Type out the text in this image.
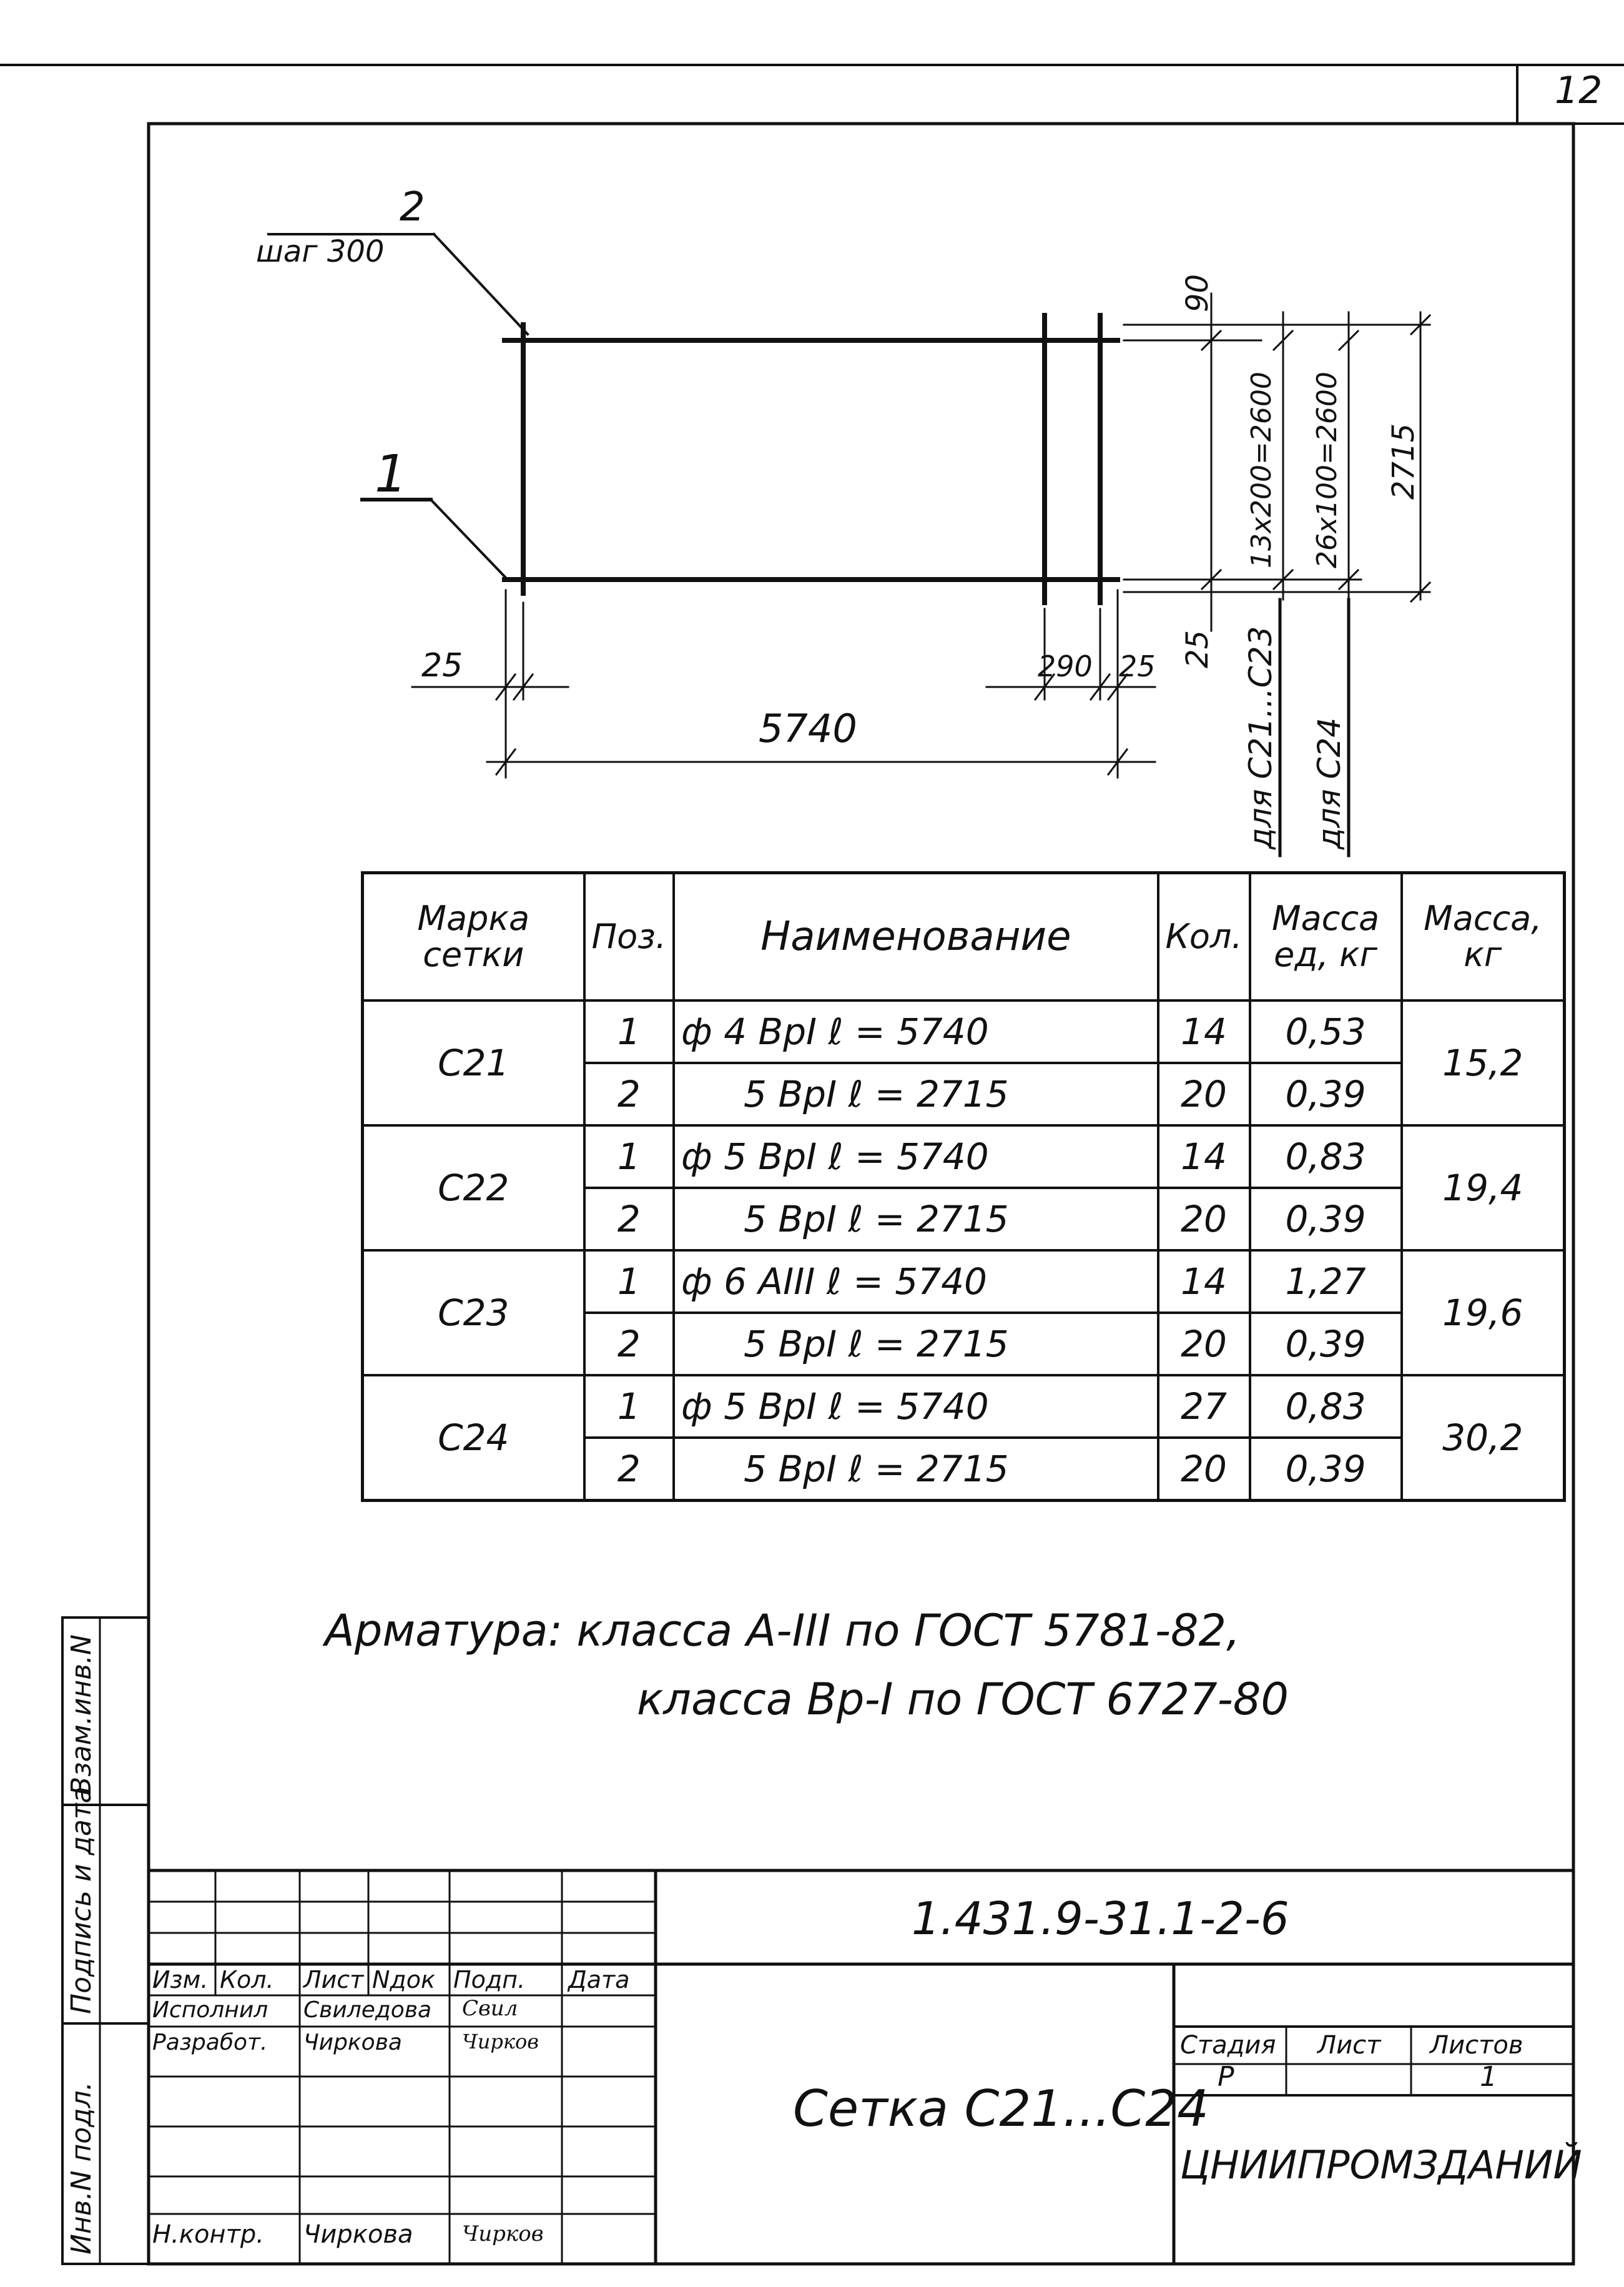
12
2
шаг 300
1
25
5740
290 25
90
25
13х200=2600 26х100=2600 2715
для С21...С23 для С24
Марка сетки	Поз.	Наименование	Кол.	Масса ед, кг	Масса, кг
С21	1	ф 4 ВрI ℓ = 5740	14	0,53	15,2
	2	5 ВрI ℓ = 2715	20	0,39	
С22	1	ф 5 ВрI ℓ = 5740	14	0,83	19,4
	2	5 ВрI ℓ = 2715	20	0,39	
С23	1	ф 6 АIII ℓ = 5740	14	1,27	19,6
	2	5 ВрI ℓ = 2715	20	0,39	
С24	1	ф 5 ВрI ℓ = 5740	27	0,83	30,2
	2	5 ВрI ℓ = 2715	20	0,39	
Арматура: класса А-III по ГОСТ 5781-82,
класса Вр-I по ГОСТ 6727-80
Взам.инв.N
Подпись и дата
Инв.N подл.
1.431.9-31.1-2-6
Изм. Кол. Лист Nдок Подп. Дата
Исполнил Свиледова Свил
Разработ. Чиркова	Чирков
Н.контр. Чиркова Чирков
Сетка С21...С24
Стадия Лист Листов
Р	1
ЦНИИПРОМЗДАНИЙ
